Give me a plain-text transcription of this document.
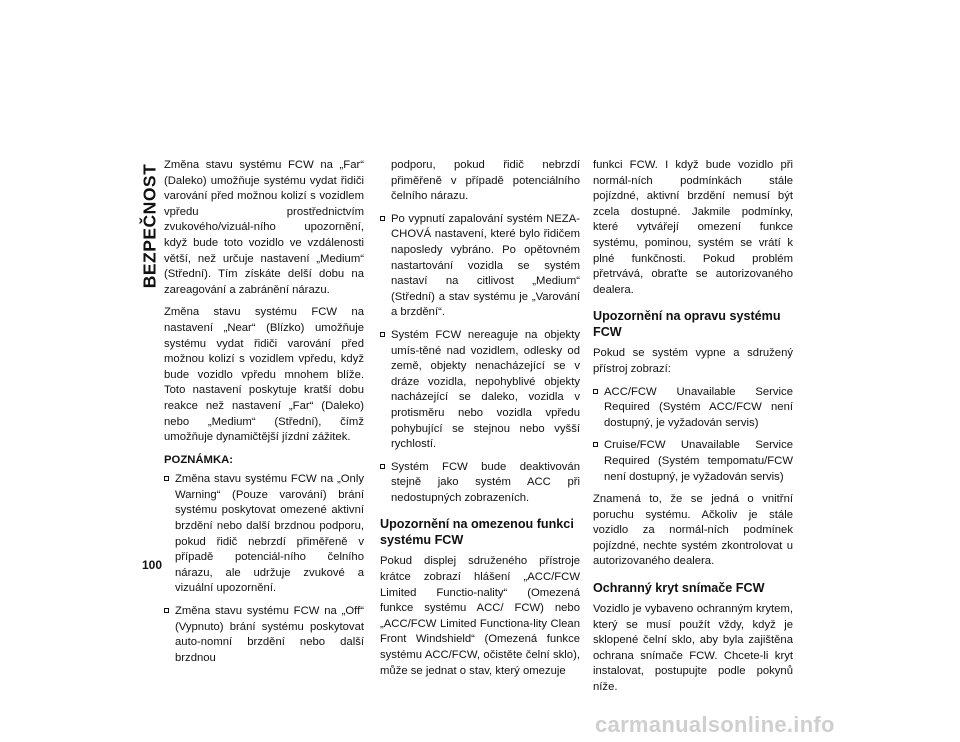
BEZPEČNOST
100

Změna stavu systému FCW na „Far“ (Daleko) umožňuje systému vydat řidiči varování před možnou kolizí s vozidlem vpředu prostřednictvím zvukového/vizuál-ního upozornění, když bude toto vozidlo ve vzdálenosti větší, než určuje nastavení „Medium“ (Střední). Tím získáte delší dobu na zareagování a zabránění nárazu.

Změna stavu systému FCW na nastavení „Near“ (Blízko) umožňuje systému vydat řidiči varování před možnou kolizí s vozidlem vpředu, když bude vozidlo vpředu mnohem blíže. Toto nastavení poskytuje kratší dobu reakce než nastavení „Far“ (Daleko) nebo „Medium“ (Střední), čímž umožňuje dynamičtější jízdní zážitek.

POZNÁMKA:

Změna stavu systému FCW na „Only Warning“ (Pouze varování) brání systému poskytovat omezené aktivní brzdění nebo další brzdnou podporu, pokud řidič nebrzdí přiměřeně v případě potenciál-ního čelního nárazu, ale udržuje zvukové a vizuální upozornění.
Změna stavu systému FCW na „Off“ (Vypnuto) brání systému poskytovat auto-nomní brzdění nebo další brzdnou
podporu, pokud řidič nebrzdí přiměřeně v případě potenciálního čelního nárazu.
Po vypnutí zapalování systém NEZA-CHOVÁ nastavení, které bylo řidičem naposledy vybráno. Po opětovném nastartování vozidla se systém nastaví na citlivost „Medium“ (Střední) a stav systému je „Varování a brzdění“.
Systém FCW nereaguje na objekty umís-těné nad vozidlem, odlesky od země, objekty nenacházející se v dráze vozidla, nepohyblivé objekty nacházející se daleko, vozidla v protisměru nebo vozidla vpředu pohybující se stejnou nebo vyšší rychlostí.
Systém FCW bude deaktivován stejně jako systém ACC při nedostupných zobrazeních.
Upozornění na omezenou funkci systému FCW

Pokud displej sdruženého přístroje krátce zobrazí hlášení „ACC/FCW Limited Functio-nality“ (Omezená funkce systému ACC/ FCW) nebo „ACC/FCW Limited Functiona-lity Clean Front Windshield“ (Omezená funkce systému ACC/FCW, očistěte čelní sklo), může se jednat o stav, který omezuje

funkci FCW. I když bude vozidlo při normál-ních podmínkách stále pojízdné, aktivní brzdění nemusí být zcela dostupné. Jakmile podmínky, které vytvářejí omezení funkce systému, pominou, systém se vrátí k plné funkčnosti. Pokud problém přetrvává, obraťte se autorizovaného dealera.

Upozornění na opravu systému FCW

Pokud se systém vypne a sdružený přístroj zobrazí:

ACC/FCW Unavailable Service Required (Systém ACC/FCW není dostupný, je vyžadován servis)
Cruise/FCW Unavailable Service Required (Systém tempomatu/FCW není dostupný, je vyžadován servis)

Znamená to, že se jedná o vnitřní poruchu systému. Ačkoliv je stále vozidlo za normál-ních podmínek pojízdné, nechte systém zkontrolovat u autorizovaného dealera.

Ochranný kryt snímače FCW

Vozidlo je vybaveno ochranným krytem, který se musí použít vždy, když je sklopené čelní sklo, aby byla zajištěna ochrana snímače FCW. Chcete-li kryt instalovat, postupujte podle pokynů níže.

carmanualsonline.info
